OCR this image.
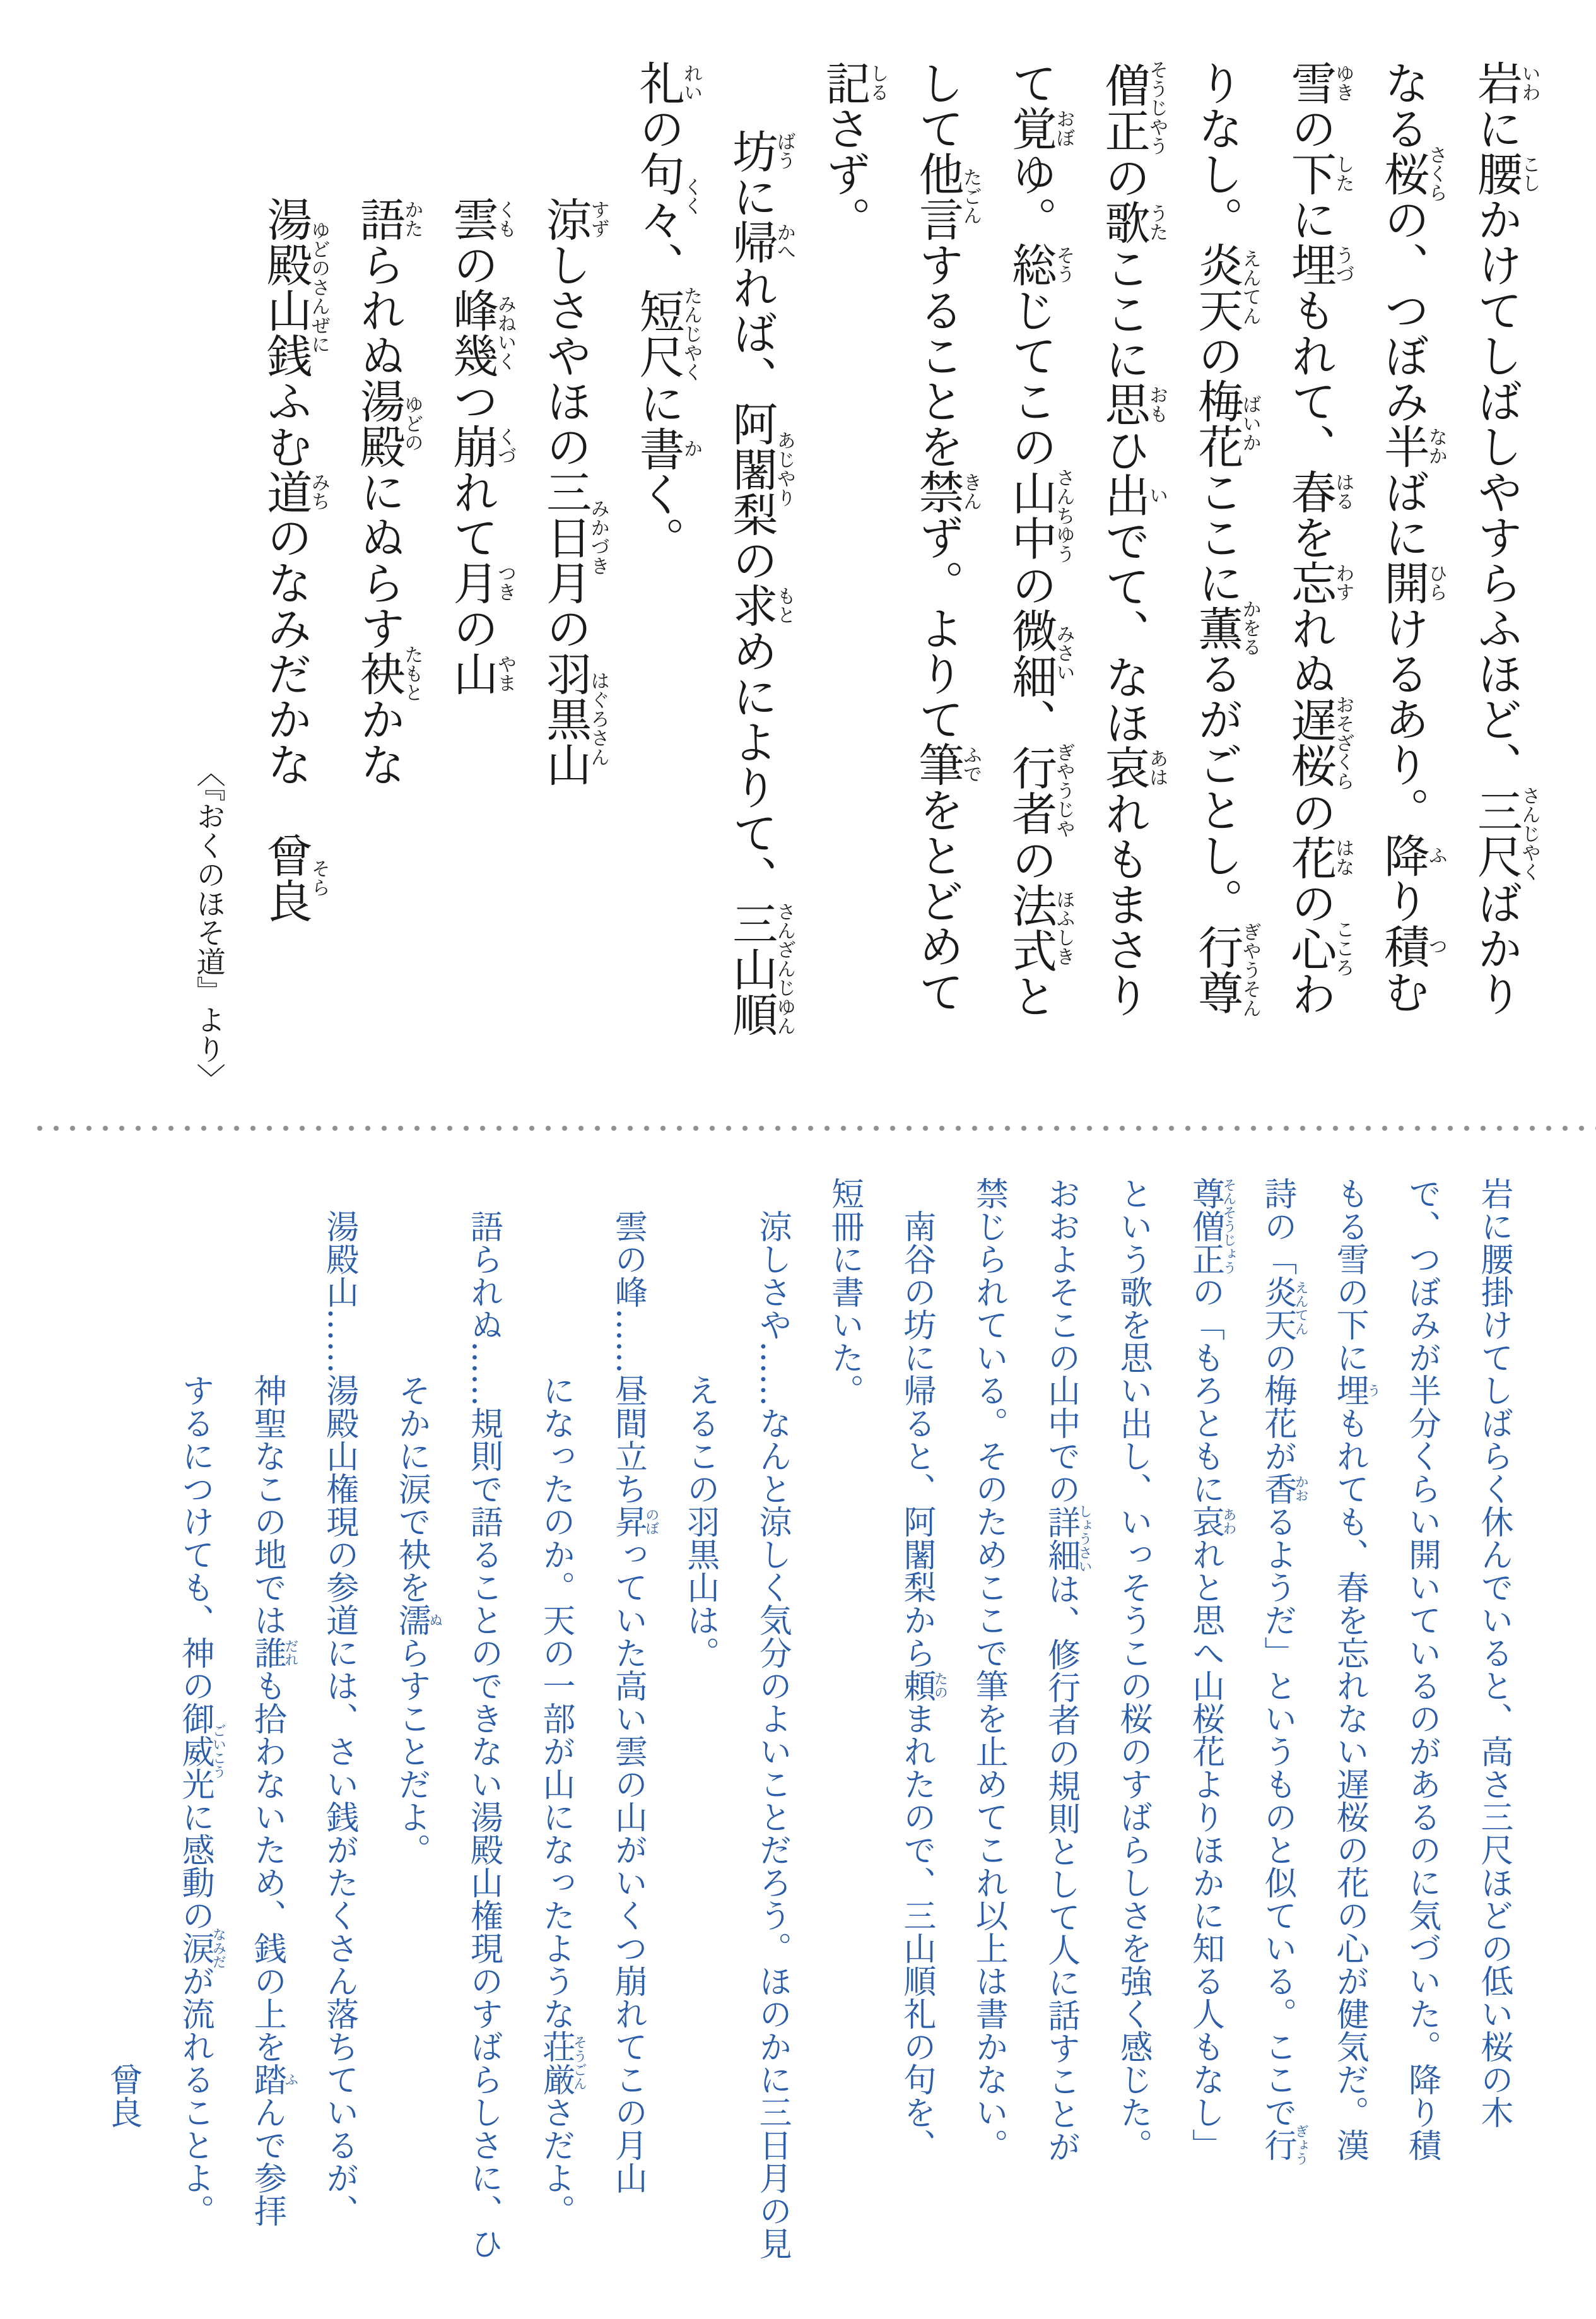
岩いわに腰こしかけてしばしやすらふほど、三尺さんじやくばかり

なる桜さくらの、つぼみ半なかばに開ひらけるあり。降ふり積つむ

雪ゆきの下したに埋うづもれて、春はるを忘わすれぬ遅桜おそざくらの花はなの心こころわ

りなし。炎天えんてんの梅花ばいかここに薫かをるるがごとし。行尊ぎやうそん

僧正そうじやうの歌うたここに思おもひ出いでて、なほ哀あはれもまさり

て覚おぼゆ。総そうじてこの山中さんちゆうの微細みさい、行者ぎやうじやの法式ほふしきと

して他言たごんすることを禁きんず。よりて筆ふでをとどめて

記しるさず。

坊ばうに帰かへれば、阿闍梨あじやりの求もとめによりて、三山順さんざんじゆん

礼れいの句々くく、短尺たんじやくに書かく。

涼すずしさやほの三日月みかづきの羽黒山はぐろさん

雲くもの峰幾みねいくつ崩くづれて月つきの山やま

語かたられぬ湯殿ゆどのにぬらす袂たもとかな

湯殿山銭ゆどのさんぜにふむ道みちのなみだかな　曾良そら

〈『おくのほそ道』より〉

岩に腰掛けてしばらく休んでいると、高さ三尺ほどの低い桜の木

で、つぼみが半分くらい開いているのがあるのに気づいた。降り積

もる雪の下に埋うもれても、春を忘れない遅桜の花の心が健気だ。漢

詩の「炎天えんてんの梅花が香かおるようだ」というものと似ている。ここで行ぎょう

尊僧正そんそうじょうの「もろともに哀あわれと思へ山桜花よりほかに知る人もなし」

という歌を思い出し、いっそうこの桜のすばらしさを強く感じた。

おおよそこの山中での詳細しょうさいは、修行者の規則として人に話すことが

禁じられている。そのためここで筆を止めてこれ以上は書かない。

南谷の坊に帰ると、阿闍梨から頼たのまれたので、三山順礼の句を、

短冊に書いた。

涼しさや……なんと涼しく気分のよいことだろう。ほのかに三日月の見

えるこの羽黒山は。

雲の峰……昼間立ち昇のぼっていた高い雲の山がいくつ崩れてこの月山

になったのか。天の一部が山になったような荘厳そうごんさだよ。

語られぬ……規則で語ることのできない湯殿山権現のすばらしさに、ひ

そかに涙で袂を濡ぬらすことだよ。

湯殿山……湯殿山権現の参道には、さい銭がたくさん落ちているが、

神聖なこの地では誰だれも拾わないため、銭の上を踏ふんで参拝

するにつけても、神の御威光ごいこうに感動の涙なみだが流れることよ。

曾良
